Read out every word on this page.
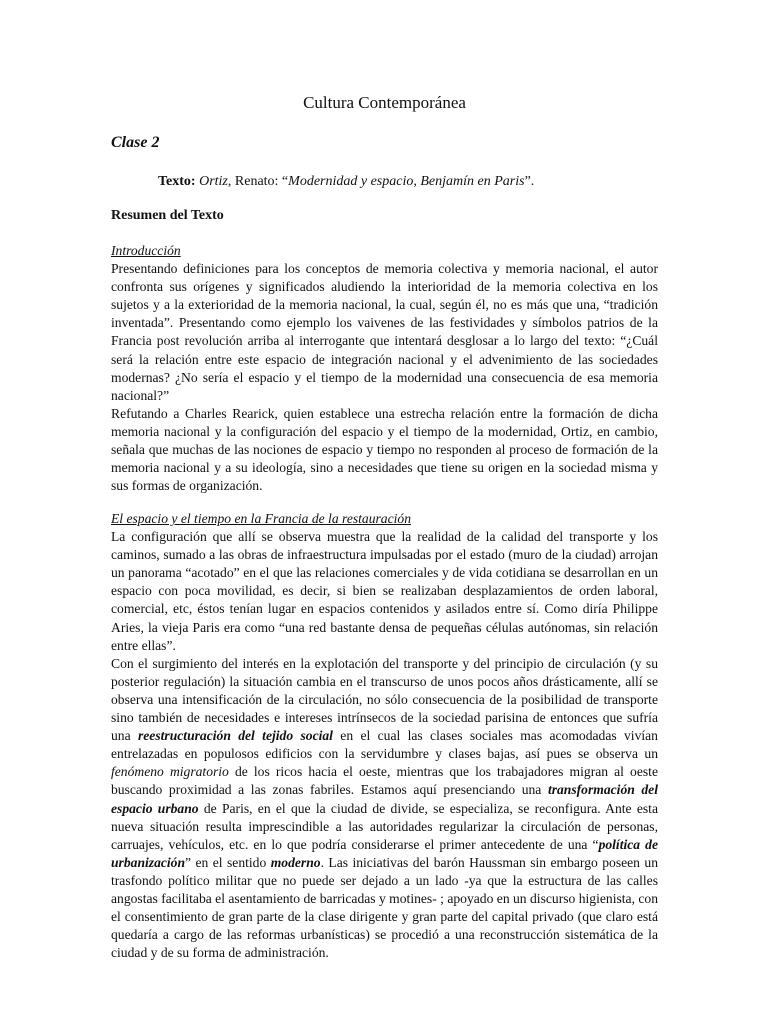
Cultura Contemporánea
Clase 2
Texto: Ortiz, Renato: “Modernidad y espacio, Benjamín en Paris”.
Resumen del Texto

Introducción

Presentando definiciones para los conceptos de memoria colectiva y memoria nacional, el autor confronta sus orígenes y significados aludiendo la interioridad de la memoria colectiva en los sujetos y a la exterioridad de la memoria nacional, la cual, según él, no es más que una, “tradición inventada”. Presentando como ejemplo los vaivenes de las festividades y símbolos patrios de la Francia post revolución arriba al interrogante que intentará desglosar a lo largo del texto: “¿Cuál será la relación entre este espacio de integración nacional y el advenimiento de las sociedades modernas? ¿No sería el espacio y el tiempo de la modernidad una consecuencia de esa memoria nacional?”

Refutando a Charles Rearick, quien establece una estrecha relación entre la formación de dicha memoria nacional y la configuración del espacio y el tiempo de la modernidad, Ortiz, en cambio, señala que muchas de las nociones de espacio y tiempo no responden al proceso de formación de la memoria nacional y a su ideología, sino a necesidades que tiene su origen en la sociedad misma y sus formas de organización.

El espacio y el tiempo en la Francia de la restauración

La configuración que allí se observa muestra que la realidad de la calidad del transporte y los caminos, sumado a las obras de infraestructura impulsadas por el estado (muro de la ciudad) arrojan un panorama “acotado” en el que las relaciones comerciales y de vida cotidiana se desarrollan en un espacio con poca movilidad, es decir, si bien se realizaban desplazamientos de orden laboral, comercial, etc, éstos tenían lugar en espacios contenidos y asilados entre sí. Como diría Philippe Aries, la vieja Paris era como “una red bastante densa de pequeñas células autónomas, sin relación entre ellas”.

Con el surgimiento del interés en la explotación del transporte y del principio de circulación (y su posterior regulación) la situación cambia en el transcurso de unos pocos años drásticamente, allí se observa una intensificación de la circulación, no sólo consecuencia de la posibilidad de transporte sino también de necesidades e intereses intrínsecos de la sociedad parisina de entonces que sufría una reestructuración del tejido social en el cual las clases sociales mas acomodadas vivían entrelazadas en populosos edificios con la servidumbre y clases bajas, así pues se observa un fenómeno migratorio de los ricos hacia el oeste, mientras que los trabajadores migran al oeste buscando proximidad a las zonas fabriles. Estamos aquí presenciando una transformación del espacio urbano de Paris, en el que la ciudad de divide, se especializa, se reconfigura. Ante esta nueva situación resulta imprescindible a las autoridades regularizar la circulación de personas, carruajes, vehículos, etc. en lo que podría considerarse el primer antecedente de una “política de urbanización” en el sentido moderno. Las iniciativas del barón Haussman sin embargo poseen un trasfondo político militar que no puede ser dejado a un lado -ya que la estructura de las calles angostas facilitaba el asentamiento de barricadas y motines- ; apoyado en un discurso higienista, con el consentimiento de gran parte de la clase dirigente y gran parte del capital privado (que claro está quedaría a cargo de las reformas urbanísticas) se procedió a una reconstrucción sistemática de la ciudad y de su forma de administración.
